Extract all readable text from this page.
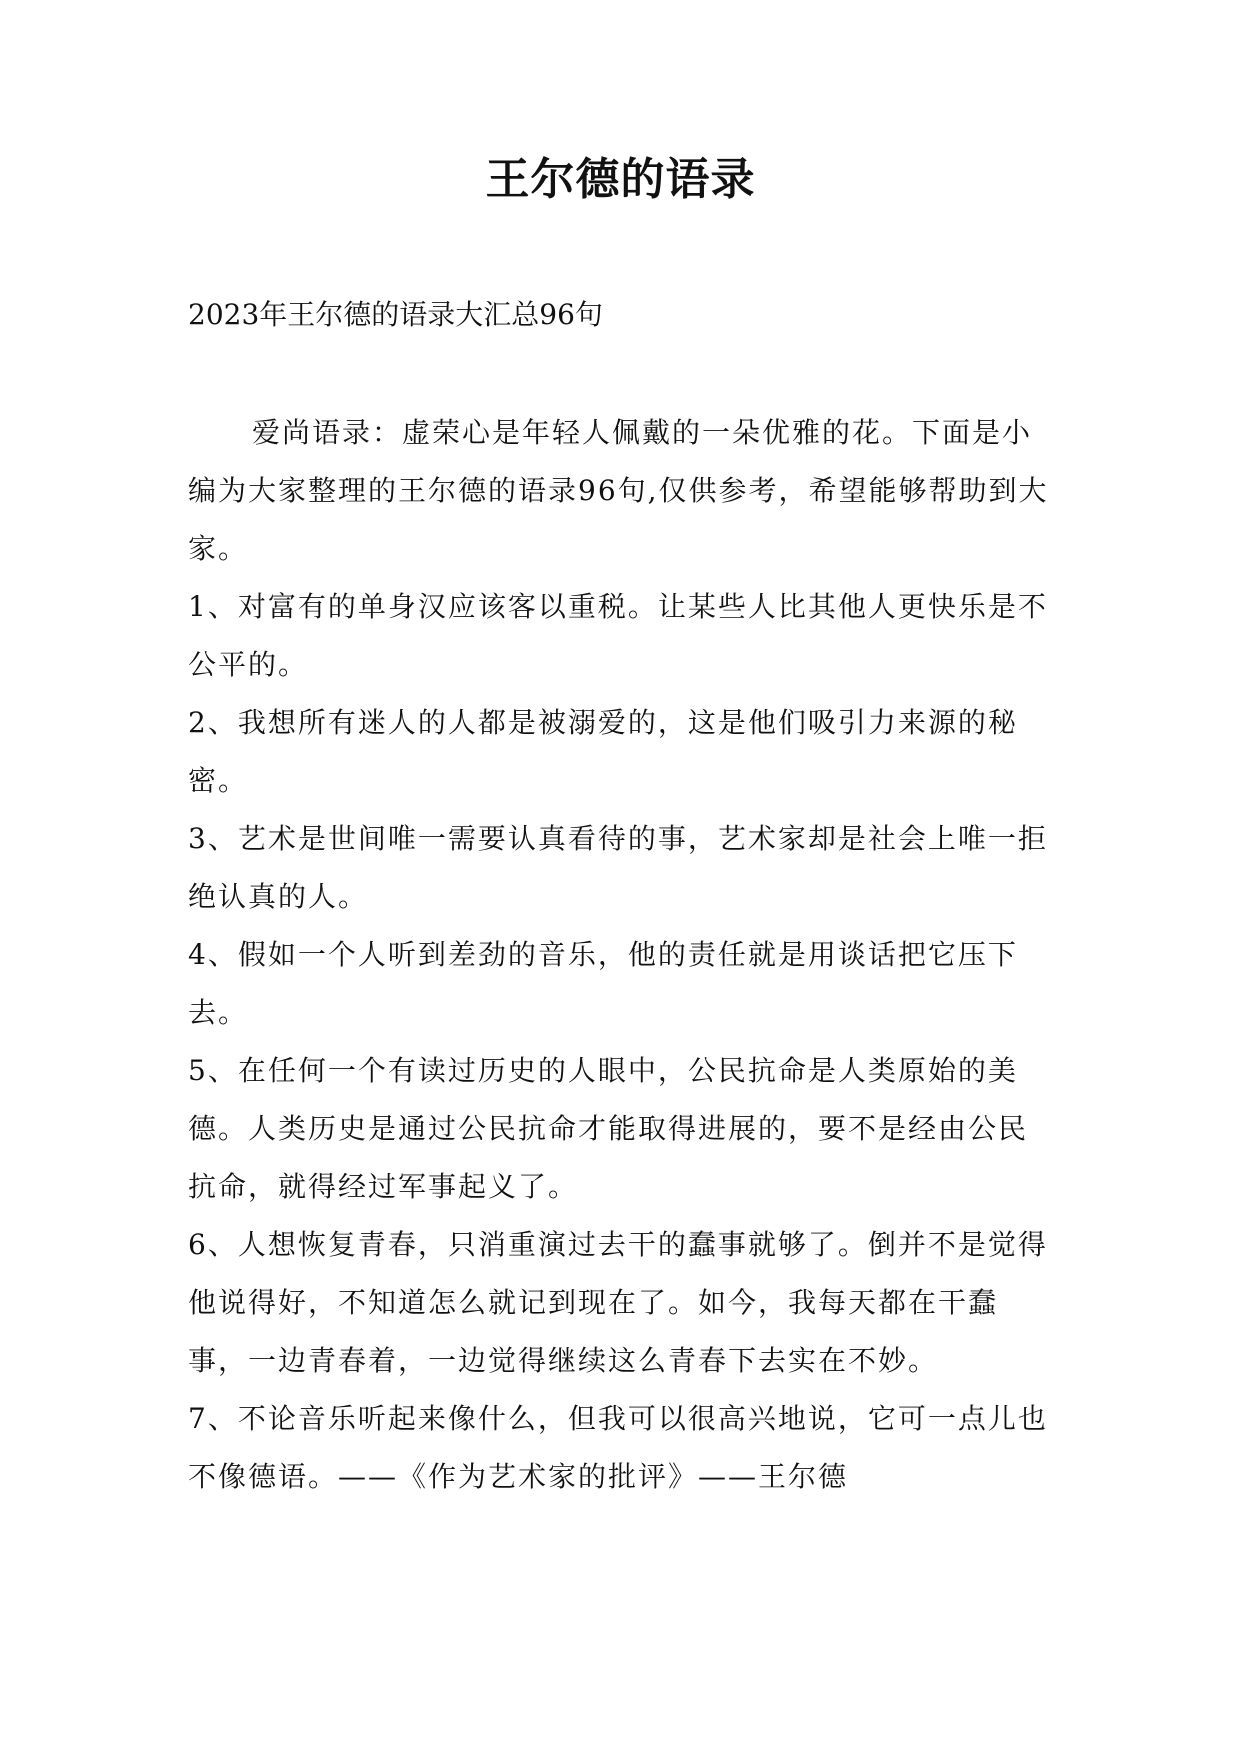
王尔德的语录
2023年王尔德的语录大汇总96句

爱尚语录：虚荣心是年轻人佩戴的一朵优雅的花。下面是小编为大家整理的王尔德的语录96句,仅供参考，希望能够帮助到大家。

1、对富有的单身汉应该客以重税。让某些人比其他人更快乐是不公平的。

2、我想所有迷人的人都是被溺爱的，这是他们吸引力来源的秘密。

3、艺术是世间唯一需要认真看待的事，艺术家却是社会上唯一拒绝认真的人。

4、假如一个人听到差劲的音乐，他的责任就是用谈话把它压下去。

5、在任何一个有读过历史的人眼中，公民抗命是人类原始的美德。人类历史是通过公民抗命才能取得进展的，要不是经由公民抗命，就得经过军事起义了。

6、人想恢复青春，只消重演过去干的蠢事就够了。倒并不是觉得他说得好，不知道怎么就记到现在了。如今，我每天都在干蠢事，一边青春着，一边觉得继续这么青春下去实在不妙。

7、不论音乐听起来像什么，但我可以很高兴地说，它可一点儿也不像德语。——《作为艺术家的批评》——王尔德
